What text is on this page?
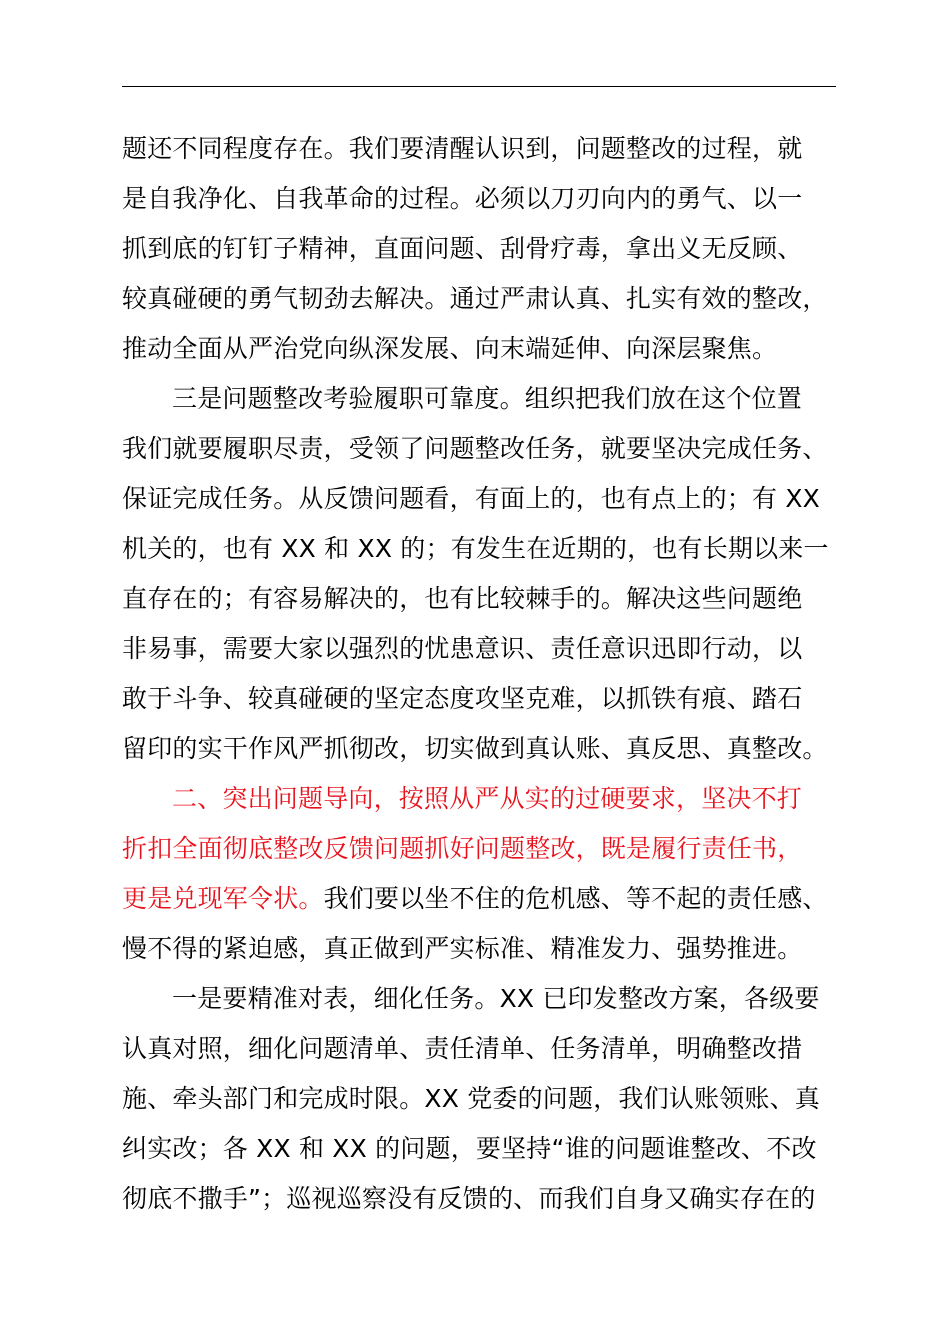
题还不同程度存在。我们要清醒认识到，问题整改的过程，就
是自我净化、自我革命的过程。必须以刀刃向内的勇气、以一
抓到底的钉钉子精神，直面问题、刮骨疗毒，拿出义无反顾、
较真碰硬的勇气韧劲去解决。通过严肃认真、扎实有效的整改，
推动全面从严治党向纵深发展、向末端延伸、向深层聚焦。
三是问题整改考验履职可靠度。组织把我们放在这个位置
我们就要履职尽责，受领了问题整改任务，就要坚决完成任务、
保证完成任务。从反馈问题看，有面上的，也有点上的；有 XX
机关的，也有 XX 和 XX 的；有发生在近期的，也有长期以来一
直存在的；有容易解决的，也有比较棘手的。解决这些问题绝
非易事，需要大家以强烈的忧患意识、责任意识迅即行动，以
敢于斗争、较真碰硬的坚定态度攻坚克难，以抓铁有痕、踏石
留印的实干作风严抓彻改，切实做到真认账、真反思、真整改。
二、突出问题导向，按照从严从实的过硬要求，坚决不打
折扣全面彻底整改反馈问题抓好问题整改，既是履行责任书，
更是兑现军令状。我们要以坐不住的危机感、等不起的责任感、
慢不得的紧迫感，真正做到严实标准、精准发力、强势推进。
一是要精准对表，细化任务。XX 已印发整改方案，各级要
认真对照，细化问题清单、责任清单、任务清单，明确整改措
施、牵头部门和完成时限。XX 党委的问题，我们认账领账、真
纠实改；各 XX 和 XX 的问题，要坚持“谁的问题谁整改、不改
彻底不撒手”；巡视巡察没有反馈的、而我们自身又确实存在的
